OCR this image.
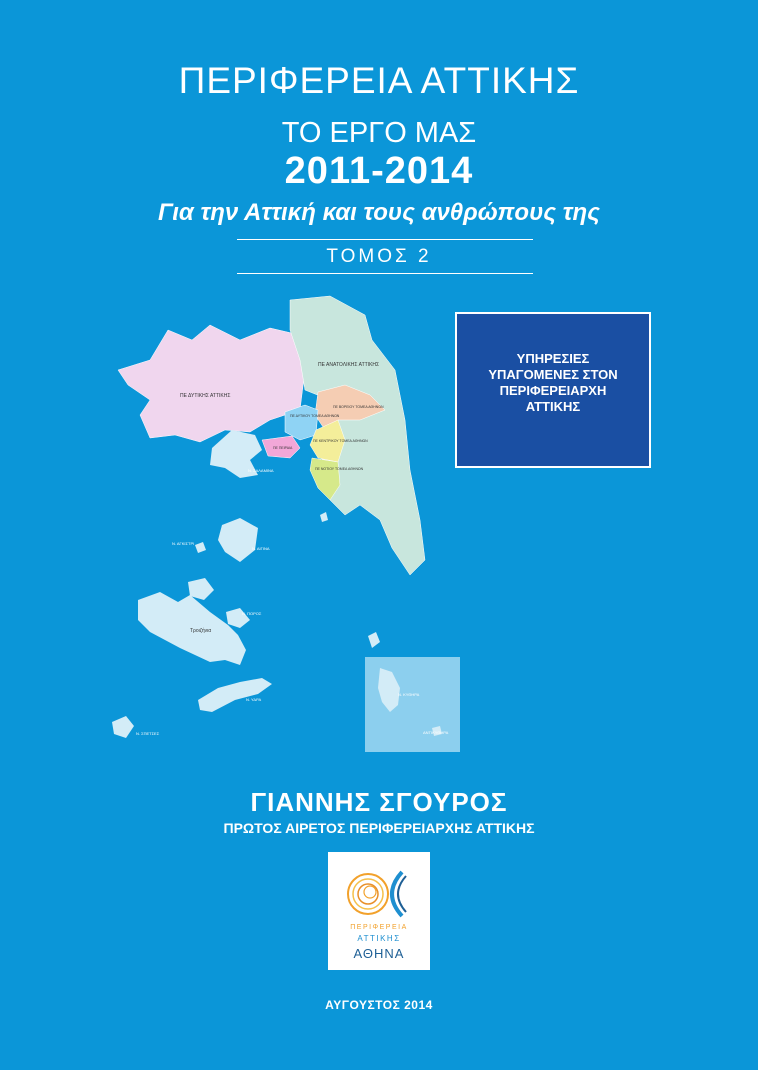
ΠΕΡΙΦΕΡΕΙΑ ΑΤΤΙΚΗΣ
ΤΟ ΕΡΓΟ ΜΑΣ
2011-2014
Για την Αττική και τους ανθρώπους της
ΤΟΜΟΣ 2
ΥΠΗΡΕΣΙΕΣ
ΥΠΑΓΟΜΕΝΕΣ ΣΤΟΝ
ΠΕΡΙΦΕΡΕΙΑΡΧΗ
ΑΤΤΙΚΗΣ
ΠΕ ΔΥΤΙΚΗΣ ΑΤΤΙΚΗΣ
ΠΕ ΑΝΑΤΟΛΙΚΗΣ ΑΤΤΙΚΗΣ
ΠΕ ΔΥΤΙΚΟΥ ΤΟΜΕΑ ΑΘΗΝΩΝ
ΠΕ ΒΟΡΕΙΟΥ ΤΟΜΕΑ ΑΘΗΝΩΝ
ΠΕ ΚΕΝΤΡΙΚΟΥ ΤΟΜΕΑ ΑΘΗΝΩΝ
ΠΕ ΝΟΤΙΟΥ ΤΟΜΕΑ ΑΘΗΝΩΝ
ΠΕ ΠΕΙΡΑΙΑ
Ν. ΣΑΛΑΜΙΝΑ
Ν. ΑΙΓΙΝΑ
Ν. ΑΓΚΙΣΤΡΙ
Ν. ΠΟΡΟΣ
Τροιζήνια
Ν. ΥΔΡΑ
Ν. ΣΠΕΤΣΕΣ
Ν. ΚΥΘΗΡΑ
ΑΝΤΙΚΥΘΗΡΑ
ΓΙΑΝΝΗΣ ΣΓΟΥΡΟΣ
ΠΡΩΤΟΣ ΑΙΡΕΤΟΣ ΠΕΡΙΦΕΡΕΙΑΡΧΗΣ ΑΤΤΙΚΗΣ
ΠΕΡΙΦΕΡΕΙΑ
ΑΤΤΙΚΗΣ
ΑΘΗΝΑ
ΑΥΓΟΥΣΤΟΣ 2014
